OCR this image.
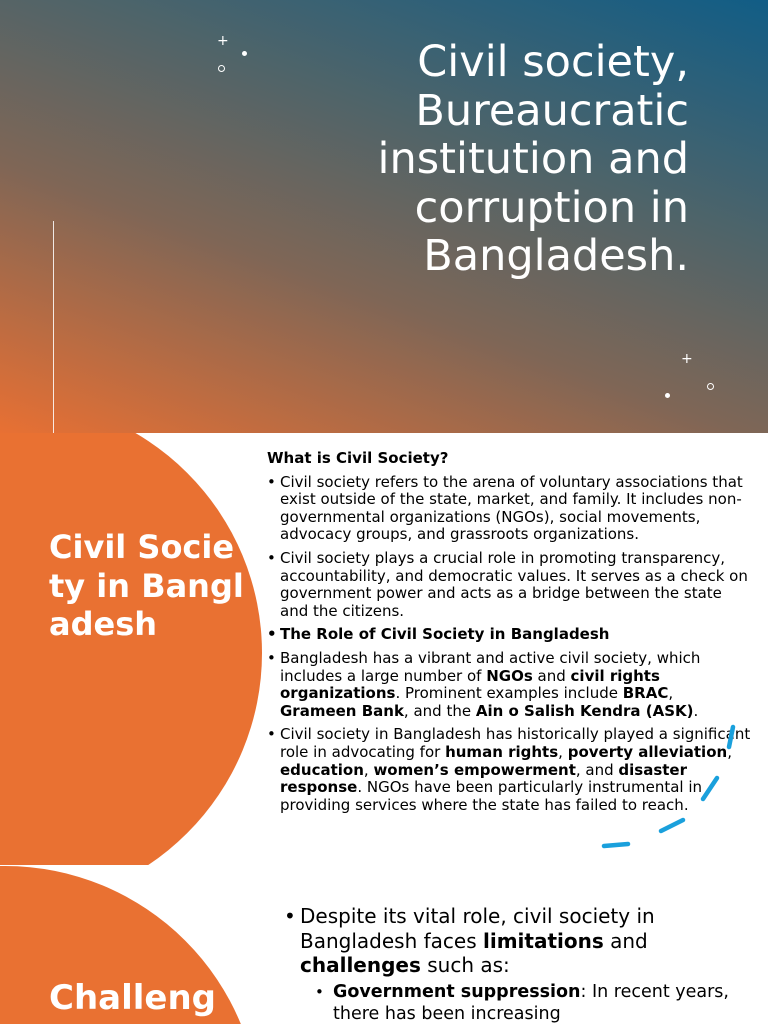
+	Civil society,
Bureaucratic
institution and
corruption in
Bangladesh.
+
Civil Society in Bangladesh

What is Civil Society?

• Civil society refers to the arena of voluntary associations that exist outside of the state, market, and family. It includes non-governmental organizations (NGOs), social movements, advocacy groups, and grassroots organizations.
• Civil society plays a crucial role in promoting transparency, accountability, and democratic values. It serves as a check on government power and acts as a bridge between the state and the citizens.
• The Role of Civil Society in Bangladesh
• Bangladesh has a vibrant and active civil society, which includes a large number of NGOs and civil rights organizations. Prominent examples include BRAC, Grameen Bank, and the Ain o Salish Kendra (ASK).
• Civil society in Bangladesh has historically played a significant role in advocating for human rights, poverty alleviation, education, women’s empowerment, and disaster response. NGOs have been particularly instrumental in providing services where the state has failed to reach.
Challeng

• Despite its vital role, civil society in Bangladesh faces limitations and challenges such as:

• Government suppression: In recent years, there has been increasing
